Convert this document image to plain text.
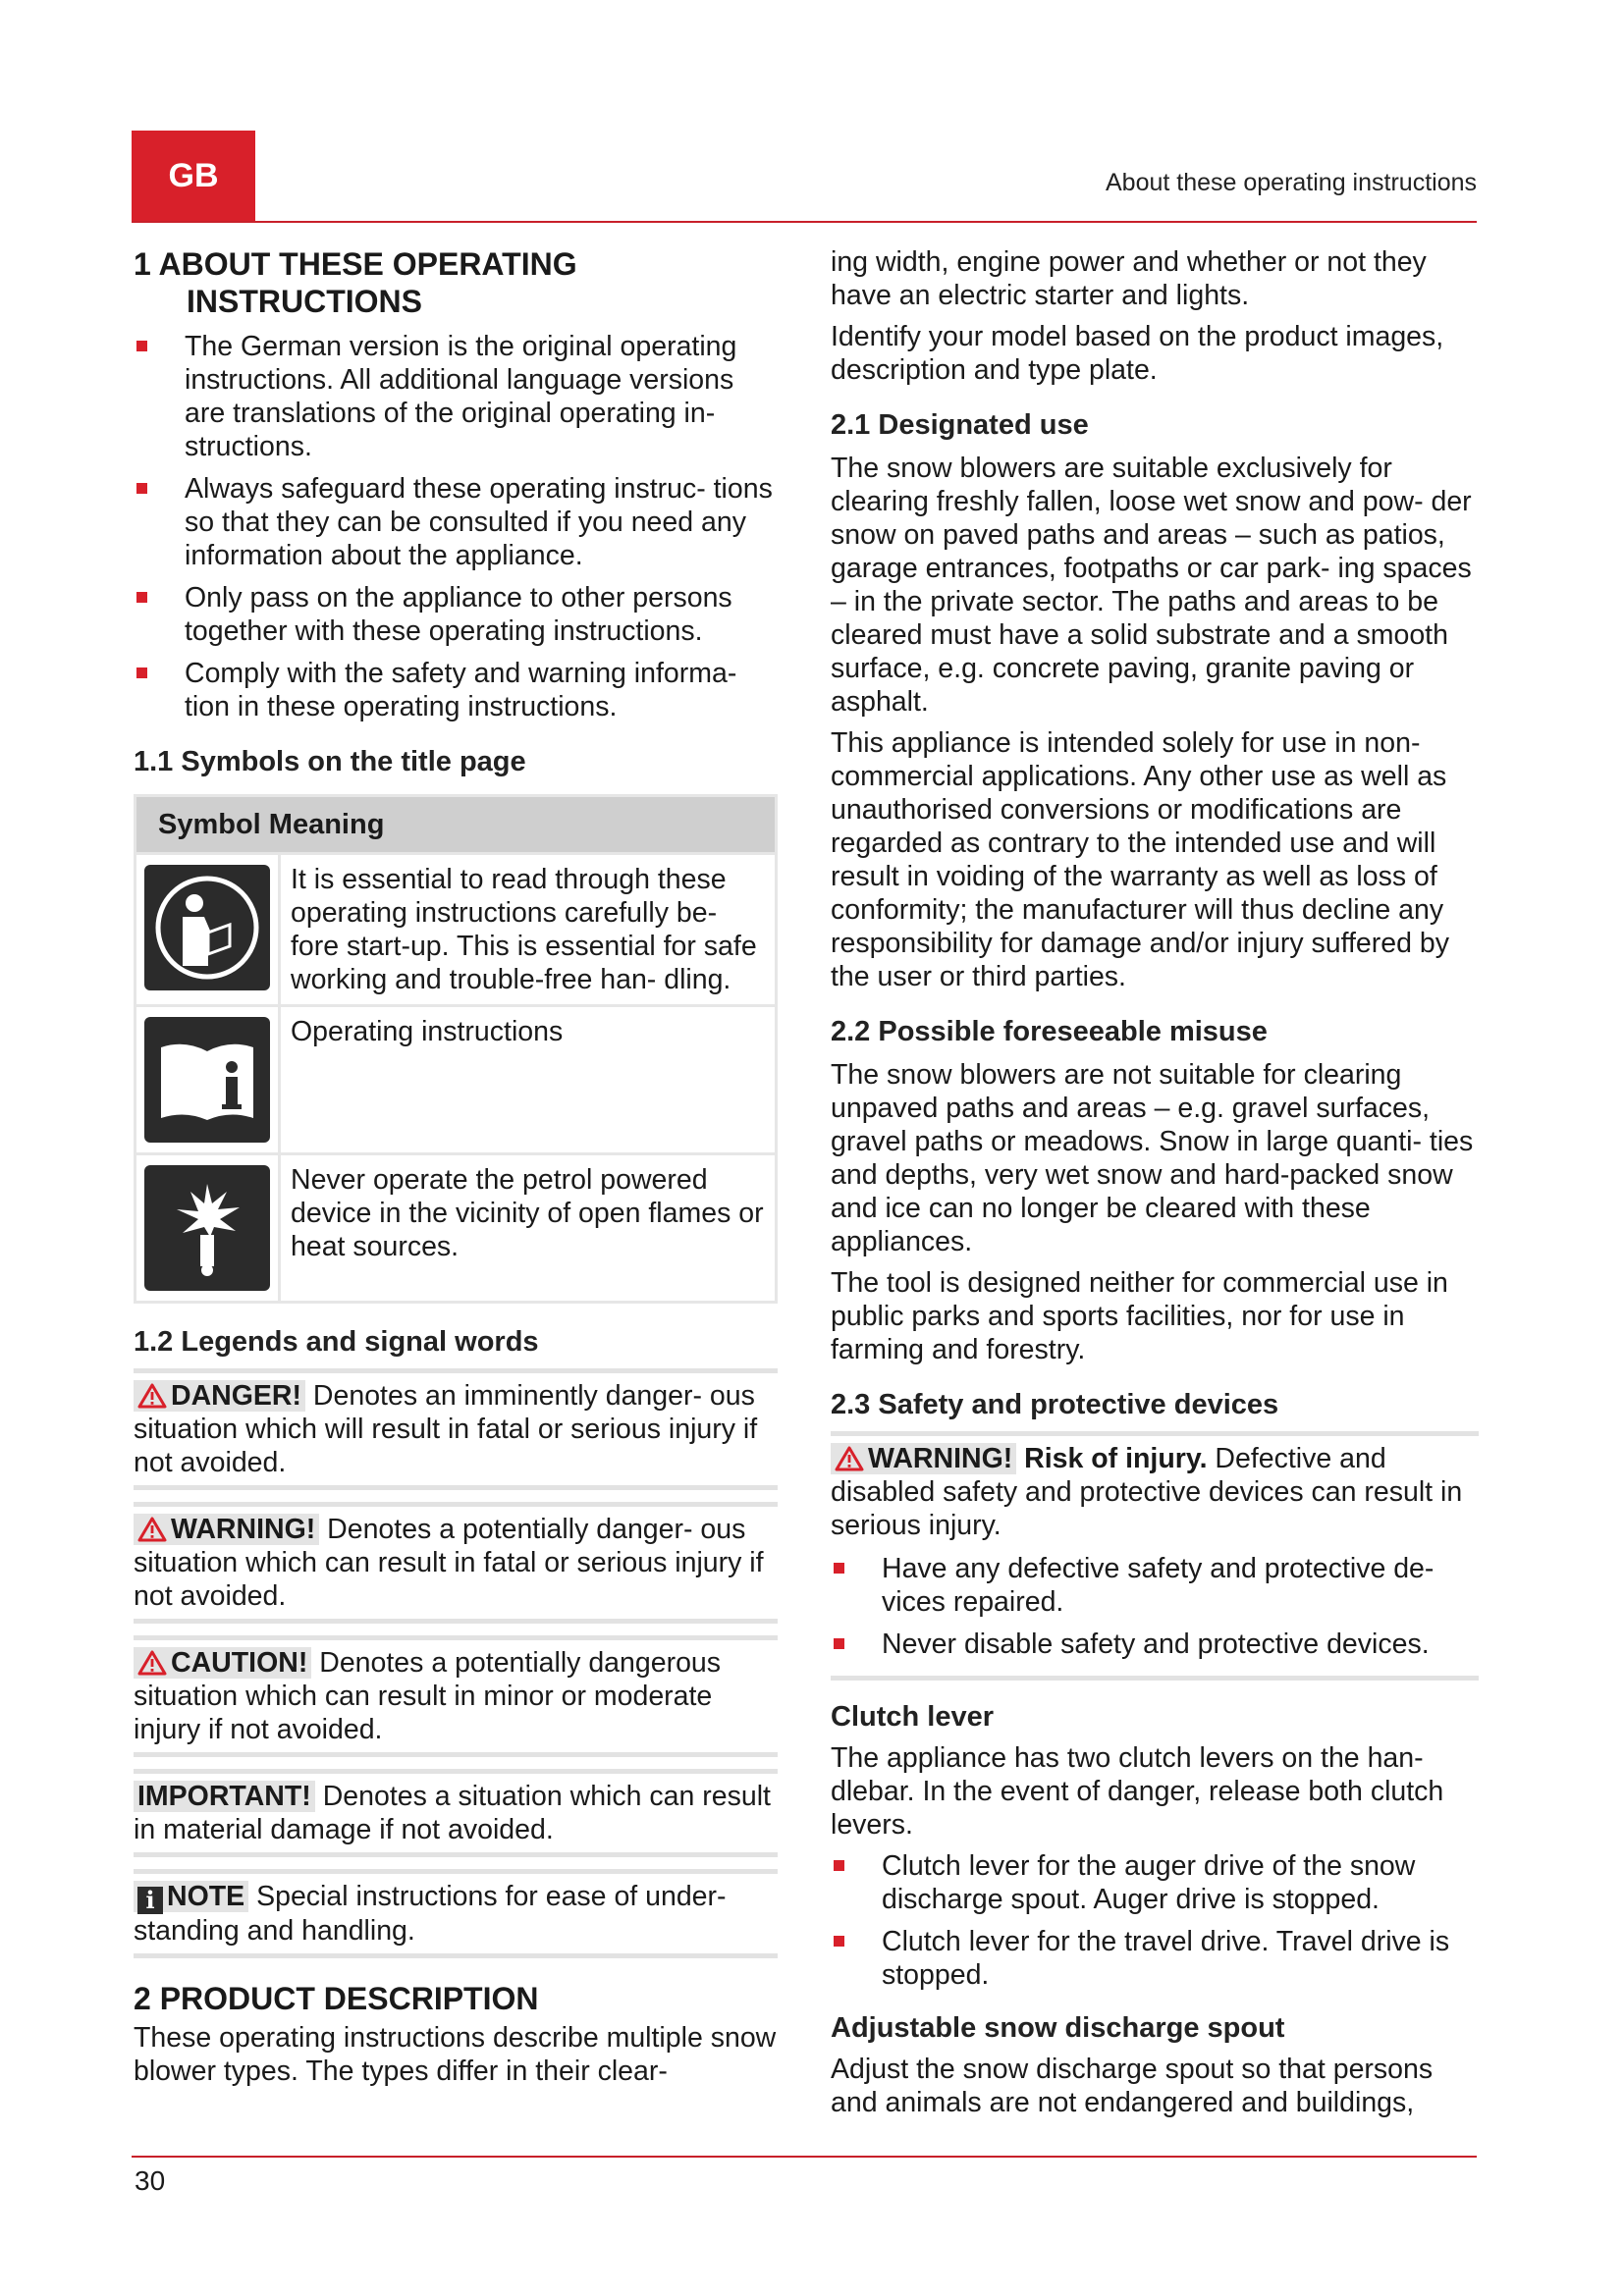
GB	About these operating instructions
1 ABOUT THESE OPERATING INSTRUCTIONS
The German version is the original operating instructions. All additional language versions are translations of the original operating in- structions.
Always safeguard these operating instruc- tions so that they can be consulted if you need any information about the appliance.
Only pass on the appliance to other persons together with these operating instructions.
Comply with the safety and warning informa- tion in these operating instructions.
1.1 Symbols on the title page
Symbol Meaning	

	It is essential to read through these operating instructions carefully be- fore start-up. This is essential for safe working and trouble-free han- dling.

	Operating instructions

	Never operate the petrol powered device in the vicinity of open flames or heat sources.
1.2 Legends and signal words
DANGER! Denotes an imminently danger- ous situation which will result in fatal or serious injury if not avoided.
WARNING! Denotes a potentially danger- ous situation which can result in fatal or serious injury if not avoided.
CAUTION! Denotes a potentially dangerous situation which can result in minor or moderate injury if not avoided.
IMPORTANT! Denotes a situation which can result in material damage if not avoided.
i NOTE Special instructions for ease of under- standing and handling.
2 PRODUCT DESCRIPTION

These operating instructions describe multiple snow blower types. The types differ in their clear-

ing width, engine power and whether or not they have an electric starter and lights.

Identify your model based on the product images, description and type plate.

2.1 Designated use

The snow blowers are suitable exclusively for clearing freshly fallen, loose wet snow and pow- der snow on paved paths and areas – such as patios, garage entrances, footpaths or car park- ing spaces – in the private sector. The paths and areas to be cleared must have a solid substrate and a smooth surface, e.g. concrete paving, granite paving or asphalt.

This appliance is intended solely for use in non- commercial applications. Any other use as well as unauthorised conversions or modifications are regarded as contrary to the intended use and will result in voiding of the warranty as well as loss of conformity; the manufacturer will thus decline any responsibility for damage and/or injury suffered by the user or third parties.

2.2 Possible foreseeable misuse

The snow blowers are not suitable for clearing unpaved paths and areas – e.g. gravel surfaces, gravel paths or meadows. Snow in large quanti- ties and depths, very wet snow and hard-packed snow and ice can no longer be cleared with these appliances.

The tool is designed neither for commercial use in public parks and sports facilities, nor for use in farming and forestry.

2.3 Safety and protective devices
WARNING! Risk of injury. Defective and disabled safety and protective devices can result in serious injury.
Have any defective safety and protective de- vices repaired.
Never disable safety and protective devices.
Clutch lever

The appliance has two clutch levers on the han- dlebar. In the event of danger, release both clutch levers.

Clutch lever for the auger drive of the snow discharge spout. Auger drive is stopped.
Clutch lever for the travel drive. Travel drive is stopped.
Adjustable snow discharge spout

Adjust the snow discharge spout so that persons and animals are not endangered and buildings,

30
